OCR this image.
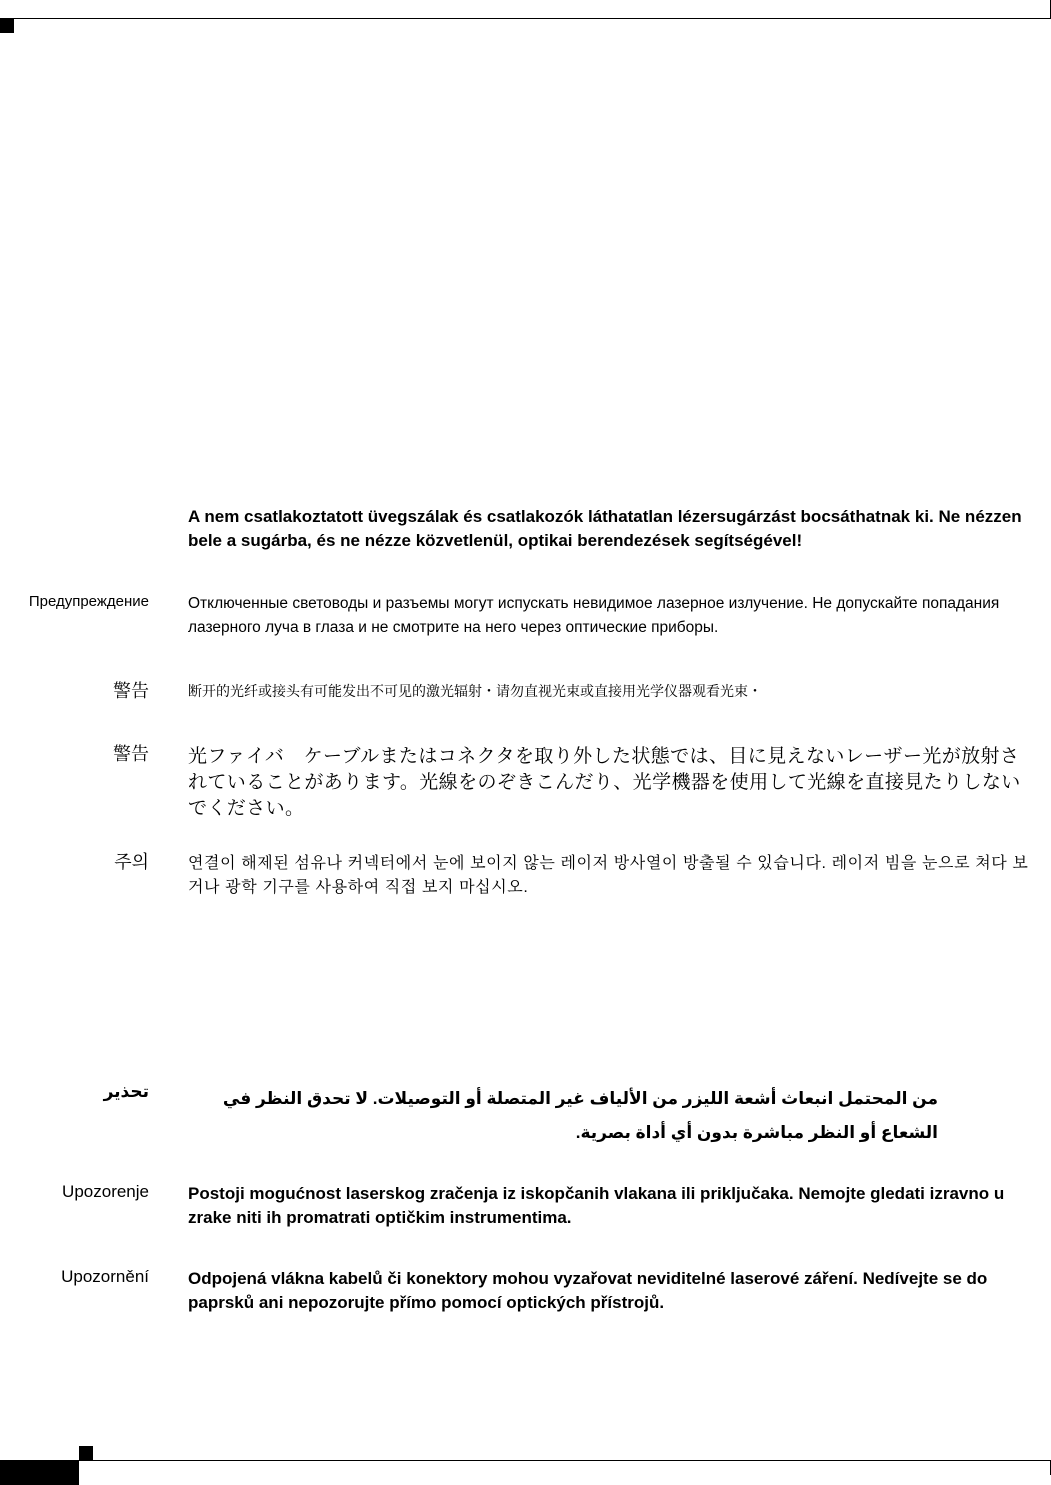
A nem csatlakoztatott üvegszálak és csatlakozók láthatatlan lézersugárzást bocsáthatnak ki. Ne nézzen bele a sugárba, és ne nézze közvetlenül, optikai berendezések segítségével!
Предупреждение	Отключенные световоды и разъемы могут испускать невидимое лазерное излучение. Не допускайте попадания лазерного луча в глаза и не смотрите на него через оптические приборы.
警告	断开的光纤或接头有可能发出不可见的激光辐射・请勿直视光束或直接用光学仪器观看光束・
警告 光ファイバ　ケーブルまたはコネクタを取り外した状態では、目に見えないレーザー光が放射されていることがあります。光線をのぞきこんだり、光学機器を使用して光線を直接見たりしないでください。
주의 연결이 해제된 섬유나 커넥터에서 눈에 보이지 않는 레이저 방사열이 방출될 수 있습니다. 레이저 빔을 눈으로 쳐다 보거나 광학 기구를 사용하여 직접 보지 마십시오.
تحذير	من المحتمل انبعاث أشعة الليزر من الألياف غير المتصلة أو التوصيلات. لا تحدق النظر في الشعاع أو النظر مباشرة بدون أي أداة بصرية.
Upozorenje Postoji mogućnost laserskog zračenja iz iskopčanih vlakana ili priključaka. Nemojte gledati izravno u zrake niti ih promatrati optičkim instrumentima.
Upozornění Odpojená vlákna kabelů či konektory mohou vyzařovat neviditelné laserové záření. Nedívejte se do paprsků ani nepozorujte přímo pomocí optických přístrojů.
